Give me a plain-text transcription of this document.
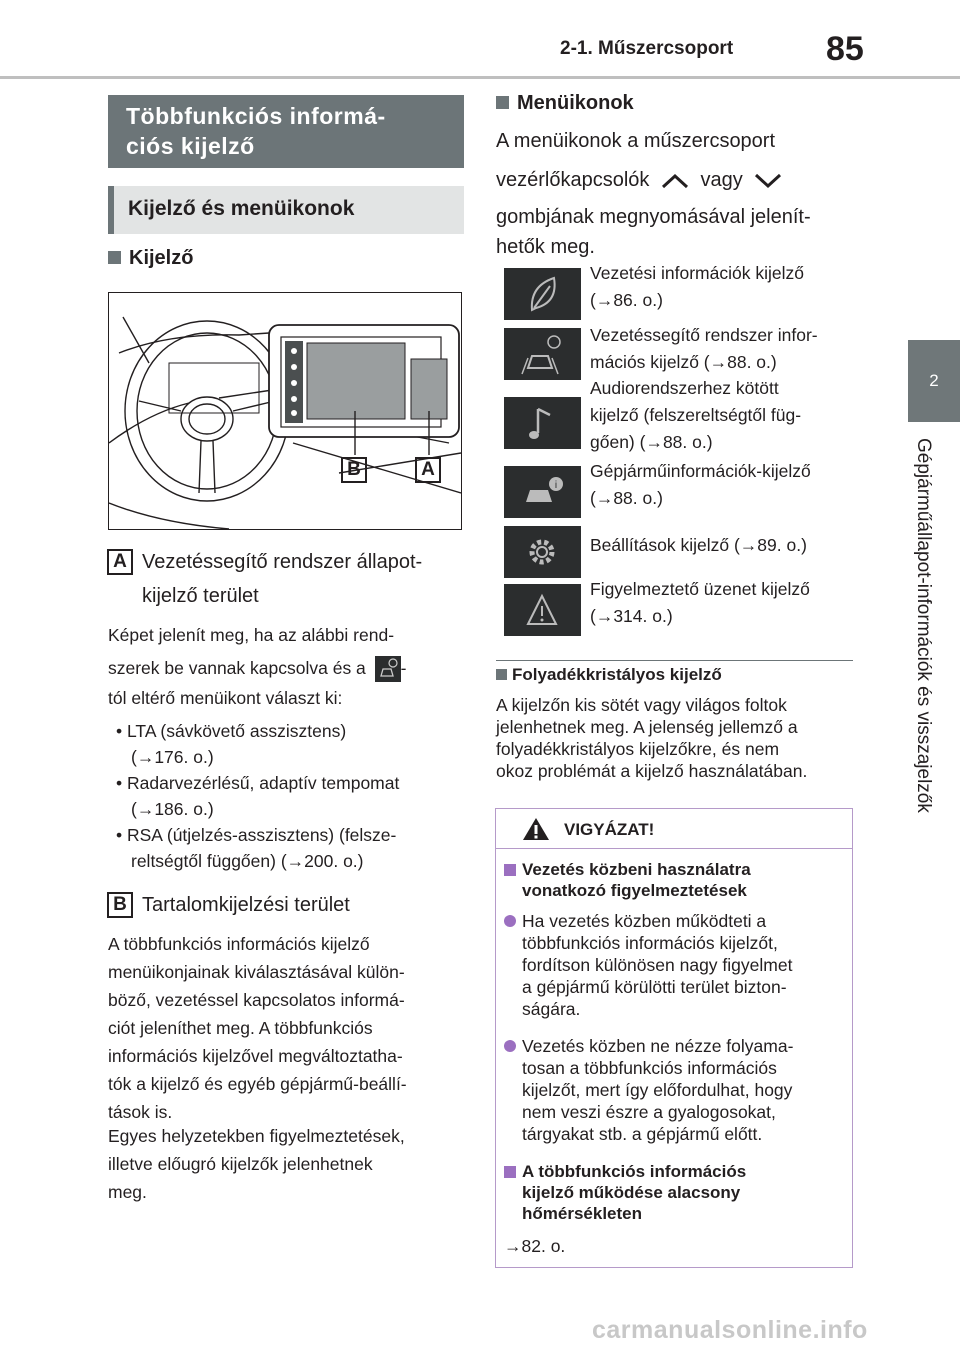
2-1. Műszercsoport	85
2
Gépjárműállapot-információk és visszajelzők
Többfunkciós informá-
ciós kijelző
Kijelző és menüikonok
Kijelző
B	A
A Vezetéssegítő rendszer állapot-
kijelző terület
Képet jelenít meg, ha az alábbi rend-
szerek be vannak kapcsolva és a -
tól eltérő menüikont választ ki:
• LTA (sávkövető asszisztens)
(→176. o.)
• Radarvezérlésű, adaptív tempomat
(→186. o.)
• RSA (útjelzés-asszisztens) (felsze-
reltségtől függően) (→200. o.)
B Tartalomkijelzési terület
A többfunkciós információs kijelző
menüikonjainak kiválasztásával külön-
böző, vezetéssel kapcsolatos informá-
ciót jeleníthet meg. A többfunkciós
információs kijelzővel megváltoztatha-
tók a kijelző és egyéb gépjármű-beállí-
tások is.
Egyes helyzetekben figyelmeztetések,
illetve előugró kijelzők jelenhetnek
meg.
Menüikonok
A menüikonok a műszercsoport
vezérlőkapcsolók	vagy
gombjának megnyomásával jelenít-
hetők meg.
Vezetési információk kijelző
(→86. o.)
Vezetéssegítő rendszer infor-
mációs kijelző (→88. o.)
Audiorendszerhez kötött
kijelző (felszereltségtől füg-
gően) (→88. o.)
i
Gépjárműinformációk-kijelző
(→88. o.)
Beállítások kijelző (→89. o.)
Figyelmeztető üzenet kijelző
(→314. o.)
Folyadékkristályos kijelző
A kijelzőn kis sötét vagy világos foltok
jelenhetnek meg. A jelenség jellemző a
folyadékkristályos kijelzőkre, és nem
okoz problémát a kijelző használatában.
VIGYÁZAT!
Vezetés közbeni használatra
vonatkozó figyelmeztetések
Ha vezetés közben működteti a
többfunkciós információs kijelzőt,
fordítson különösen nagy figyelmet
a gépjármű körülötti terület bizton-
ságára.
Vezetés közben ne nézze folyama-
tosan a többfunkciós információs
kijelzőt, mert így előfordulhat, hogy
nem veszi észre a gyalogosokat,
tárgyakat stb. a gépjármű előtt.
A többfunkciós információs
kijelző működése alacsony
hőmérsékleten
→82. o.
carmanualsonline.info
